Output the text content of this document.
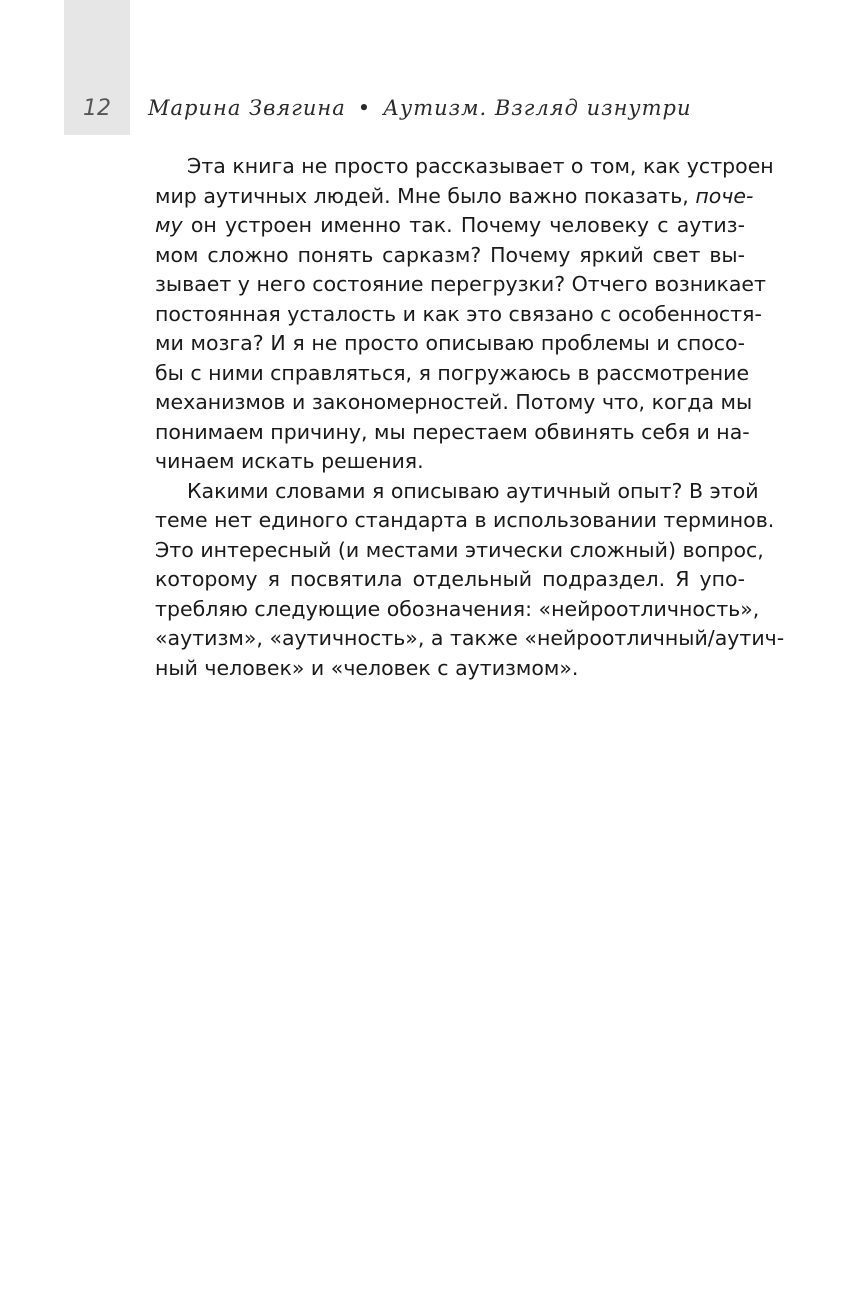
12	Марина Звягина • Аутизм. Взгляд изнутри
Эта книга не просто рассказывает о том, как устроен
мир аутичных людей. Мне было важно показать, поче-
му он устроен именно так. Почему человеку с аутиз-
мом сложно понять сарказм? Почему яркий свет вы-
зывает у него состояние перегрузки? Отчего возникает
постоянная усталость и как это связано с особенностя-
ми мозга? И я не просто описываю проблемы и спосо-
бы с ними справляться, я погружаюсь в рассмотрение
механизмов и закономерностей. Потому что, когда мы
понимаем причину, мы перестаем обвинять себя и на-
чинаем искать решения.
Какими словами я описываю аутичный опыт? В этой
теме нет единого стандарта в использовании терминов.
Это интересный (и местами этически сложный) вопрос,
которому я посвятила отдельный подраздел. Я упо-
требляю следующие обозначения: «нейроотличность»,
«аутизм», «аутичность», а также «нейроотличный/аутич-
ный человек» и «человек с аутизмом».
